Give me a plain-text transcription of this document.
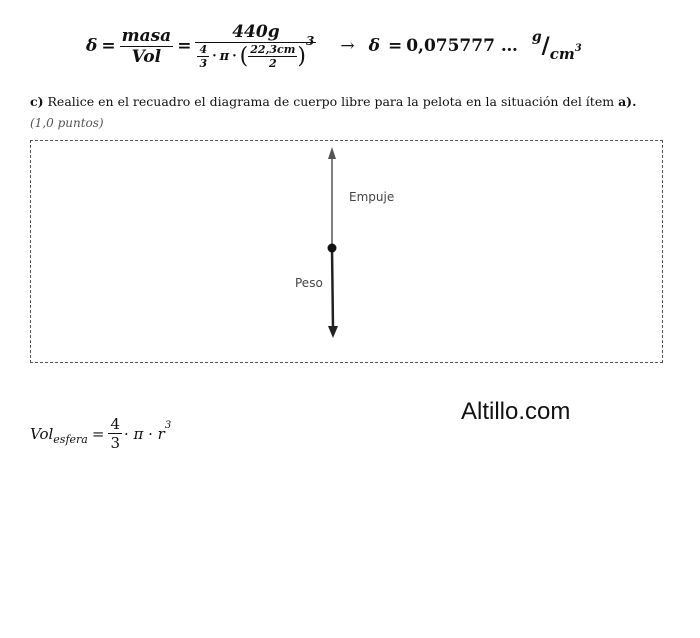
$\delta = \frac{\text{masa}}{\text{Vol}}$ =
440g
$\frac{4}{3} \cdot \pi$ · ( $\frac{22,3cm}{2}$ )
3 → δ = 0,075777 … $^g/cm^3$
c) Realice en el recuadro el diagrama de cuerpo libre para la pelota en la situación del ítem a).
(1,0 puntos)
Empuje
Peso
Altillo.com
Vol esfera = $\frac{4}{3} \cdot \pi \cdot r$ 3
